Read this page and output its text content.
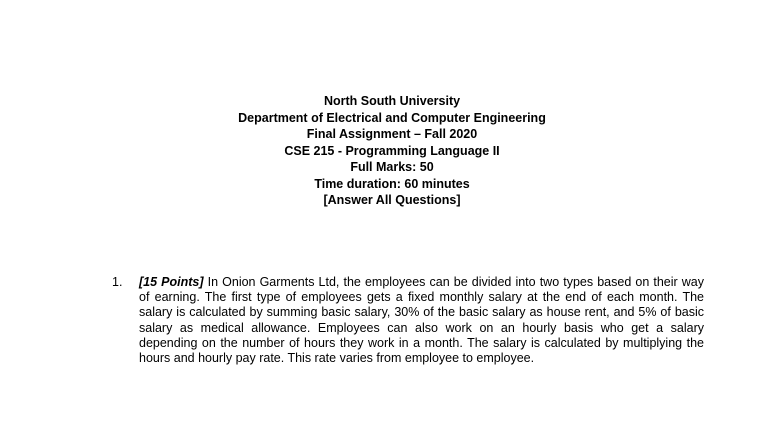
North South University
Department of Electrical and Computer Engineering
Final Assignment – Fall 2020
CSE 215 - Programming Language II
Full Marks: 50
Time duration: 60 minutes
[Answer All Questions]
1. [15 Points] In Onion Garments Ltd, the employees can be divided into two types based on their way of earning. The first type of employees gets a fixed monthly salary at the end of each month. The salary is calculated by summing basic salary, 30% of the basic salary as house rent, and 5% of basic salary as medical allowance. Employees can also work on an hourly basis who get a salary depending on the number of hours they work in a month. The salary is calculated by multiplying the hours and hourly pay rate. This rate varies from employee to employee.
